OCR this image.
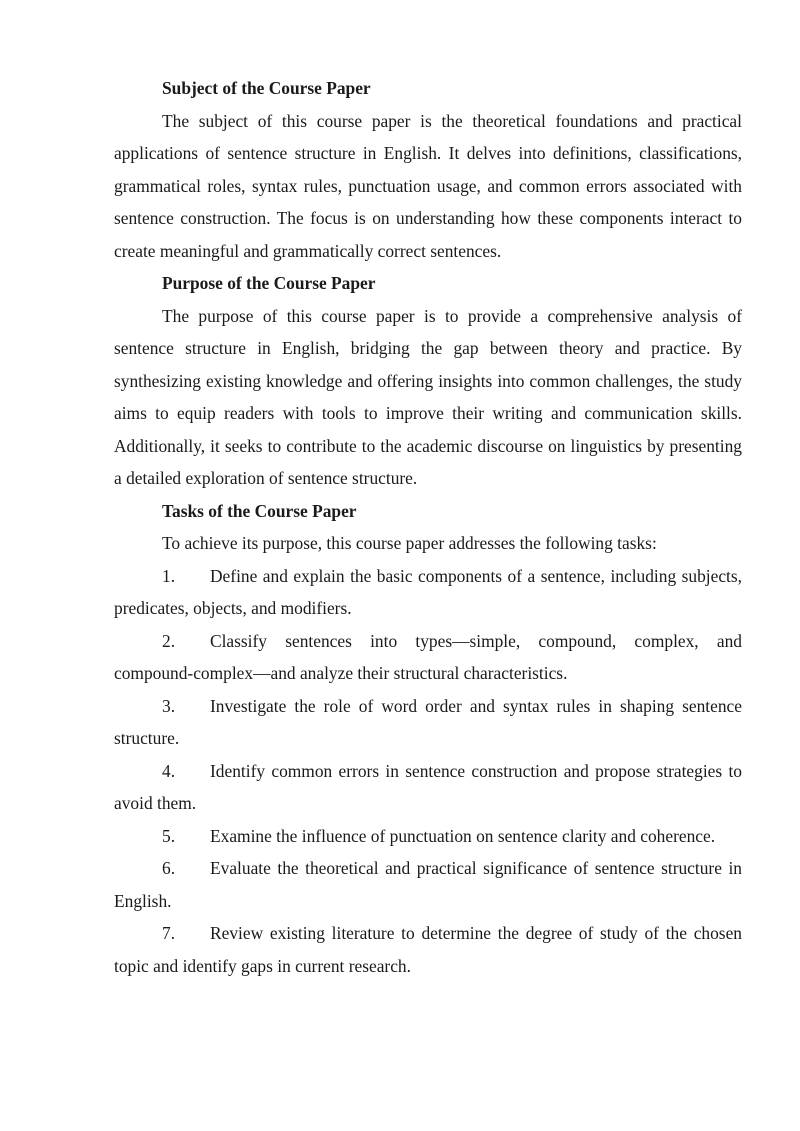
Subject of the Course Paper

The subject of this course paper is the theoretical foundations and practical applications of sentence structure in English. It delves into definitions, classifications, grammatical roles, syntax rules, punctuation usage, and common errors associated with sentence construction. The focus is on understanding how these components interact to create meaningful and grammatically correct sentences.

Purpose of the Course Paper

The purpose of this course paper is to provide a comprehensive analysis of sentence structure in English, bridging the gap between theory and practice. By synthesizing existing knowledge and offering insights into common challenges, the study aims to equip readers with tools to improve their writing and communication skills. Additionally, it seeks to contribute to the academic discourse on linguistics by presenting a detailed exploration of sentence structure.

Tasks of the Course Paper

To achieve its purpose, this course paper addresses the following tasks:

1. Define and explain the basic components of a sentence, including subjects, predicates, objects, and modifiers.

2. Classify sentences into types—simple, compound, complex, and compound-complex—and analyze their structural characteristics.

3. Investigate the role of word order and syntax rules in shaping sentence structure.

4. Identify common errors in sentence construction and propose strategies to avoid them.

5. Examine the influence of punctuation on sentence clarity and coherence.

6. Evaluate the theoretical and practical significance of sentence structure in English.

7. Review existing literature to determine the degree of study of the chosen topic and identify gaps in current research.
